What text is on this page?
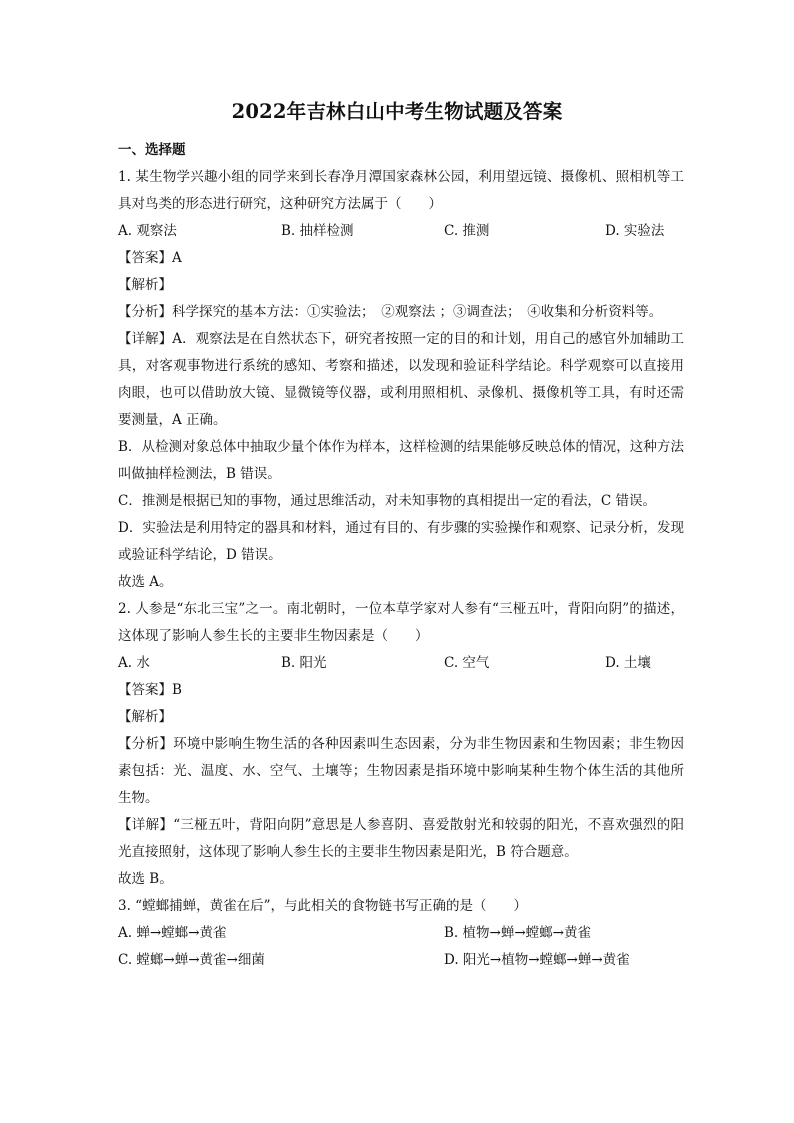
2022年吉林白山中考生物试题及答案

一、选择题

1. 某生物学兴趣小组的同学来到长春净月潭国家森林公园，利用望远镜、摄像机、照相机等工具对鸟类的形态进行研究，这种研究方法属于（　　）

A. 观察法	B. 抽样检测	C. 推测	D. 实验法

【答案】A

【解析】

【分析】科学探究的基本方法：①实验法；　②观察法 ；③调查法；　④收集和分析资料等。

【详解】A．观察法是在自然状态下，研究者按照一定的目的和计划，用自己的感官外加辅助工具，对客观事物进行系统的感知、考察和描述，以发现和验证科学结论。科学观察可以直接用肉眼，也可以借助放大镜、显微镜等仪器，或利用照相机、录像机、摄像机等工具，有时还需要测量，A 正确。

B．从检测对象总体中抽取少量个体作为样本，这样检测的结果能够反映总体的情况，这种方法叫做抽样检测法，B 错误。

C．推测是根据已知的事物，通过思维活动，对未知事物的真相提出一定的看法，C 错误。

D．实验法是利用特定的器具和材料，通过有目的、有步骤的实验操作和观察、记录分析，发现或验证科学结论，D 错误。

故选 A。

2. 人参是“东北三宝”之一。南北朝时，一位本草学家对人参有“三桠五叶，背阳向阴”的描述，这体现了影响人参生长的主要非生物因素是（　　）

A. 水	B. 阳光	C. 空气	D. 土壤

【答案】B

【解析】

【分析】环境中影响生物生活的各种因素叫生态因素，分为非生物因素和生物因素；非生物因素包括：光、温度、水、空气、土壤等；生物因素是指环境中影响某种生物个体生活的其他所生物。

【详解】“三桠五叶，背阳向阴”意思是人参喜阴、喜爱散射光和较弱的阳光，不喜欢强烈的阳光直接照射，这体现了影响人参生长的主要非生物因素是阳光，B 符合题意。

故选 B。

3. “螳螂捕蝉，黄雀在后”，与此相关的食物链书写正确的是（　　）

A. 蝉→螳螂→黄雀	B. 植物→蝉→螳螂→黄雀
C. 螳螂→蝉→黄雀→细菌	D. 阳光→植物→螳螂→蝉→黄雀
